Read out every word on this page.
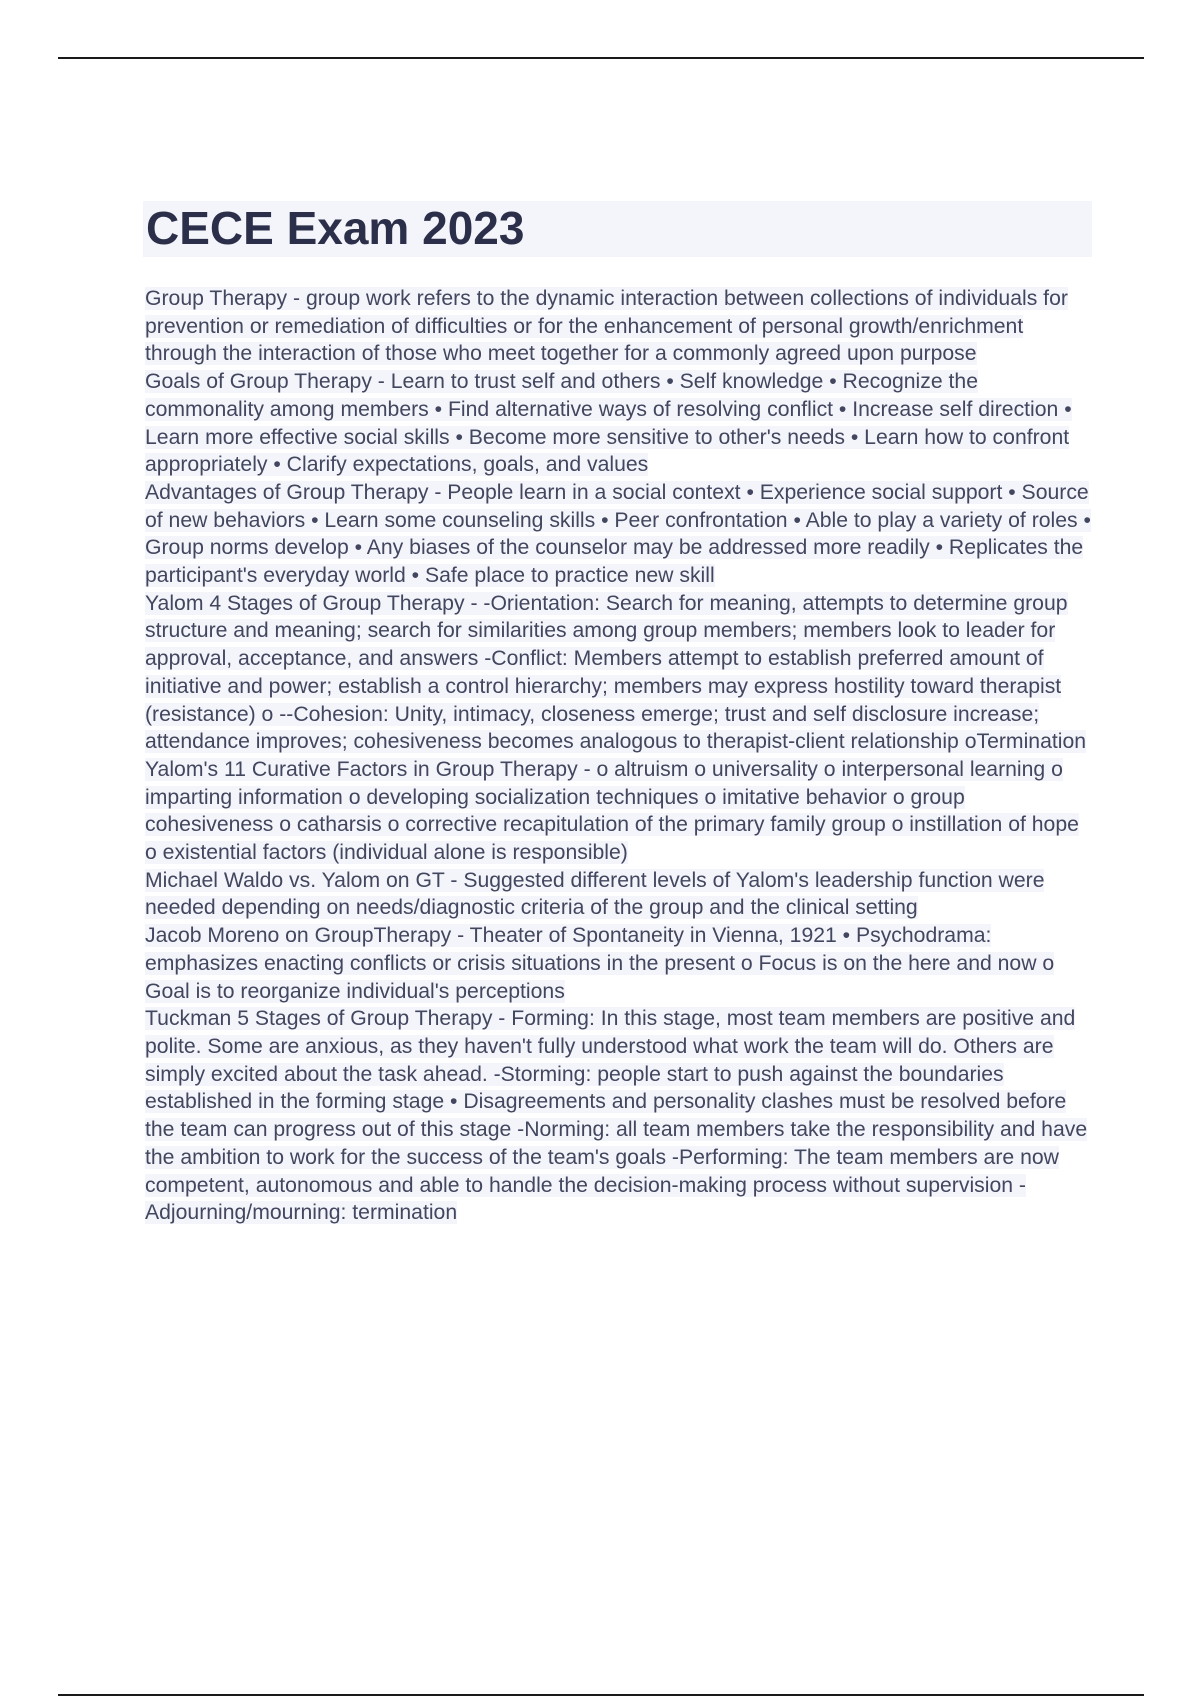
CECE Exam 2023

Group Therapy - group work refers to the dynamic interaction between collections of individuals for prevention or remediation of difficulties or for the enhancement of personal growth/enrichment through the interaction of those who meet together for a commonly agreed upon purpose

Goals of Group Therapy - Learn to trust self and others • Self knowledge • Recognize the commonality among members • Find alternative ways of resolving conflict • Increase self direction • Learn more effective social skills • Become more sensitive to other's needs • Learn how to confront appropriately • Clarify expectations, goals, and values

Advantages of Group Therapy - People learn in a social context • Experience social support • Source of new behaviors • Learn some counseling skills • Peer confrontation • Able to play a variety of roles • Group norms develop • Any biases of the counselor may be addressed more readily • Replicates the participant's everyday world • Safe place to practice new skill

Yalom 4 Stages of Group Therapy - -Orientation: Search for meaning, attempts to determine group structure and meaning; search for similarities among group members; members look to leader for approval, acceptance, and answers -Conflict: Members attempt to establish preferred amount of initiative and power; establish a control hierarchy; members may express hostility toward therapist (resistance) o --Cohesion: Unity, intimacy, closeness emerge; trust and self disclosure increase; attendance improves; cohesiveness becomes analogous to therapist-client relationship oTermination

Yalom's 11 Curative Factors in Group Therapy - o altruism o universality o interpersonal learning o imparting information o developing socialization techniques o imitative behavior o group cohesiveness o catharsis o corrective recapitulation of the primary family group o instillation of hope o existential factors (individual alone is responsible)

Michael Waldo vs. Yalom on GT - Suggested different levels of Yalom's leadership function were needed depending on needs/diagnostic criteria of the group and the clinical setting

Jacob Moreno on GroupTherapy - Theater of Spontaneity in Vienna, 1921 • Psychodrama: emphasizes enacting conflicts or crisis situations in the present o Focus is on the here and now o Goal is to reorganize individual's perceptions

Tuckman 5 Stages of Group Therapy - Forming: In this stage, most team members are positive and polite. Some are anxious, as they haven't fully understood what work the team will do. Others are simply excited about the task ahead. -Storming: people start to push against the boundaries established in the forming stage • Disagreements and personality clashes must be resolved before the team can progress out of this stage -Norming: all team members take the responsibility and have the ambition to work for the success of the team's goals -Performing: The team members are now competent, autonomous and able to handle the decision-making process without supervision -Adjourning/mourning: termination
